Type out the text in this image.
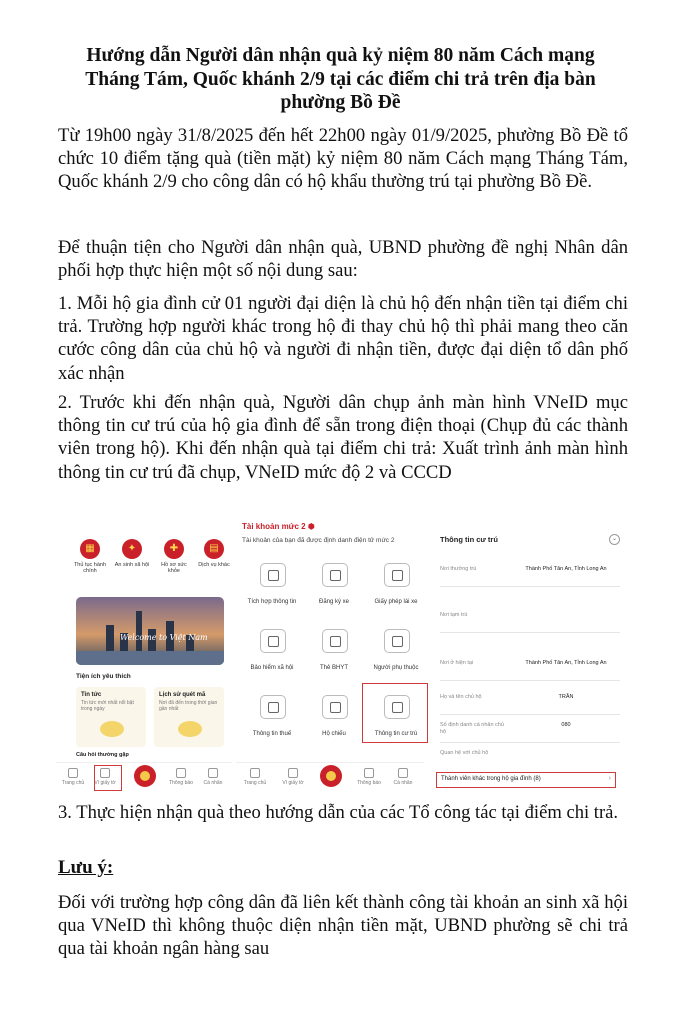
Hướng dẫn Người dân nhận quà kỷ niệm 80 năm Cách mạng
Tháng Tám, Quốc khánh 2/9 tại các điểm chi trả trên địa bàn
phường Bồ Đề
Từ 19h00 ngày 31/8/2025 đến hết 22h00 ngày 01/9/2025, phường Bồ Đề tổ chức 10 điểm tặng quà (tiền mặt) kỷ niệm 80 năm Cách mạng Tháng Tám, Quốc khánh 2/9 cho công dân có hộ khẩu thường trú tại phường Bồ Đề.
Để thuận tiện cho Người dân nhận quà, UBND phường đề nghị Nhân dân phối hợp thực hiện một số nội dung sau:
1. Mỗi hộ gia đình cử 01 người đại diện là chủ hộ đến nhận tiền tại điểm chi trả. Trường hợp người khác trong hộ đi thay chủ hộ thì phải mang theo căn cước công dân của chủ hộ và người đi nhận tiền, được đại diện tổ dân phố xác nhận
2. Trước khi đến nhận quà, Người dân chụp ảnh màn hình VNeID mục thông tin cư trú của hộ gia đình để sẵn trong điện thoại (Chụp đủ các thành viên trong hộ). Khi đến nhận quà tại điểm chi trả: Xuất trình ảnh màn hình thông tin cư trú đã chụp, VNeID mức độ 2 và CCCD
▦	✦	✚	▤
Thủ tục hành chính
An sinh xã hội	Hồ sơ sức khỏe
Dịch vụ khác
Welcome to Việt Nam
Tiện ích yêu thích
Tin tức
Tin tức mới nhất nổi bật trong ngày
Lịch sử quét mã
Nơi đã đến trong thời gian gần nhất
Câu hỏi thường gặp
Trang chủ	Ví giấy tờ	Thông báo	Cá nhân
Tài khoản mức 2 ⬢
Tài khoản của bạn đã được định danh điện tử mức 2
Tích hợp thông tin	Đăng ký xe	Giấy phép lái xe
Bảo hiểm xã hội	Thẻ BHYT	Người phụ thuộc
Thông tin thuế	Hộ chiếu	Thông tin cư trú
Trang chủ	Ví giấy tờ	Thông báo	Cá nhân
Thông tin cư trú	⌄
Nơi thường trú	Thành Phố Tân An, Tỉnh Long An
Nơi tạm trú
Nơi ở hiện tại	Thành Phố Tân An, Tỉnh Long An
Họ và tên chủ hộ	TRẦN
Số định danh cá nhân chủ hộ
080
Quan hệ với chủ hộ
Thành viên khác trong hộ gia đình (8)	›
3. Thực hiện nhận quà theo hướng dẫn của các Tổ công tác tại điểm chi trả.
Lưu ý:
Đối với trường hợp công dân đã liên kết thành công tài khoản an sinh xã hội qua VNeID thì không thuộc diện nhận tiền mặt, UBND phường sẽ chi trả qua tài khoản ngân hàng sau
